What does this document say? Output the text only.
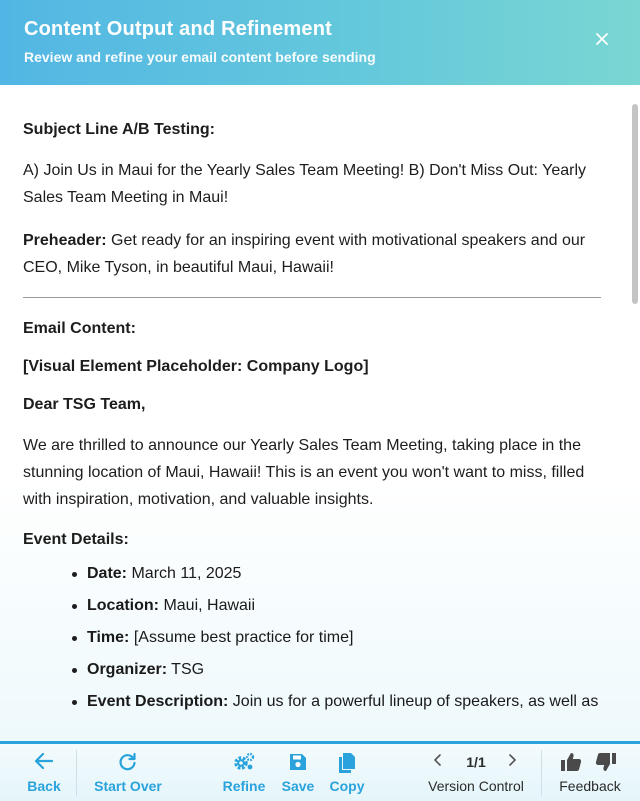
Content Output and Refinement
Review and refine your email content before sending

Subject Line A/B Testing:

A) Join Us in Maui for the Yearly Sales Team Meeting! B) Don't Miss Out: Yearly Sales Team Meeting in Maui!

Preheader: Get ready for an inspiring event with motivational speakers and our CEO, Mike Tyson, in beautiful Maui, Hawaii!

Email Content:

[Visual Element Placeholder: Company Logo]

Dear TSG Team,

We are thrilled to announce our Yearly Sales Team Meeting, taking place in the stunning location of Maui, Hawaii! This is an event you won't want to miss, filled with inspiration, motivation, and valuable insights.

Event Details:

Date: March 11, 2025
Location: Maui, Hawaii
Time: [Assume best practice for time]
Organizer: TSG
Event Description: Join us for a powerful lineup of speakers, as well as
Back	Start Over	Refine	Save	Copy
1/1
Version Control	Feedback
